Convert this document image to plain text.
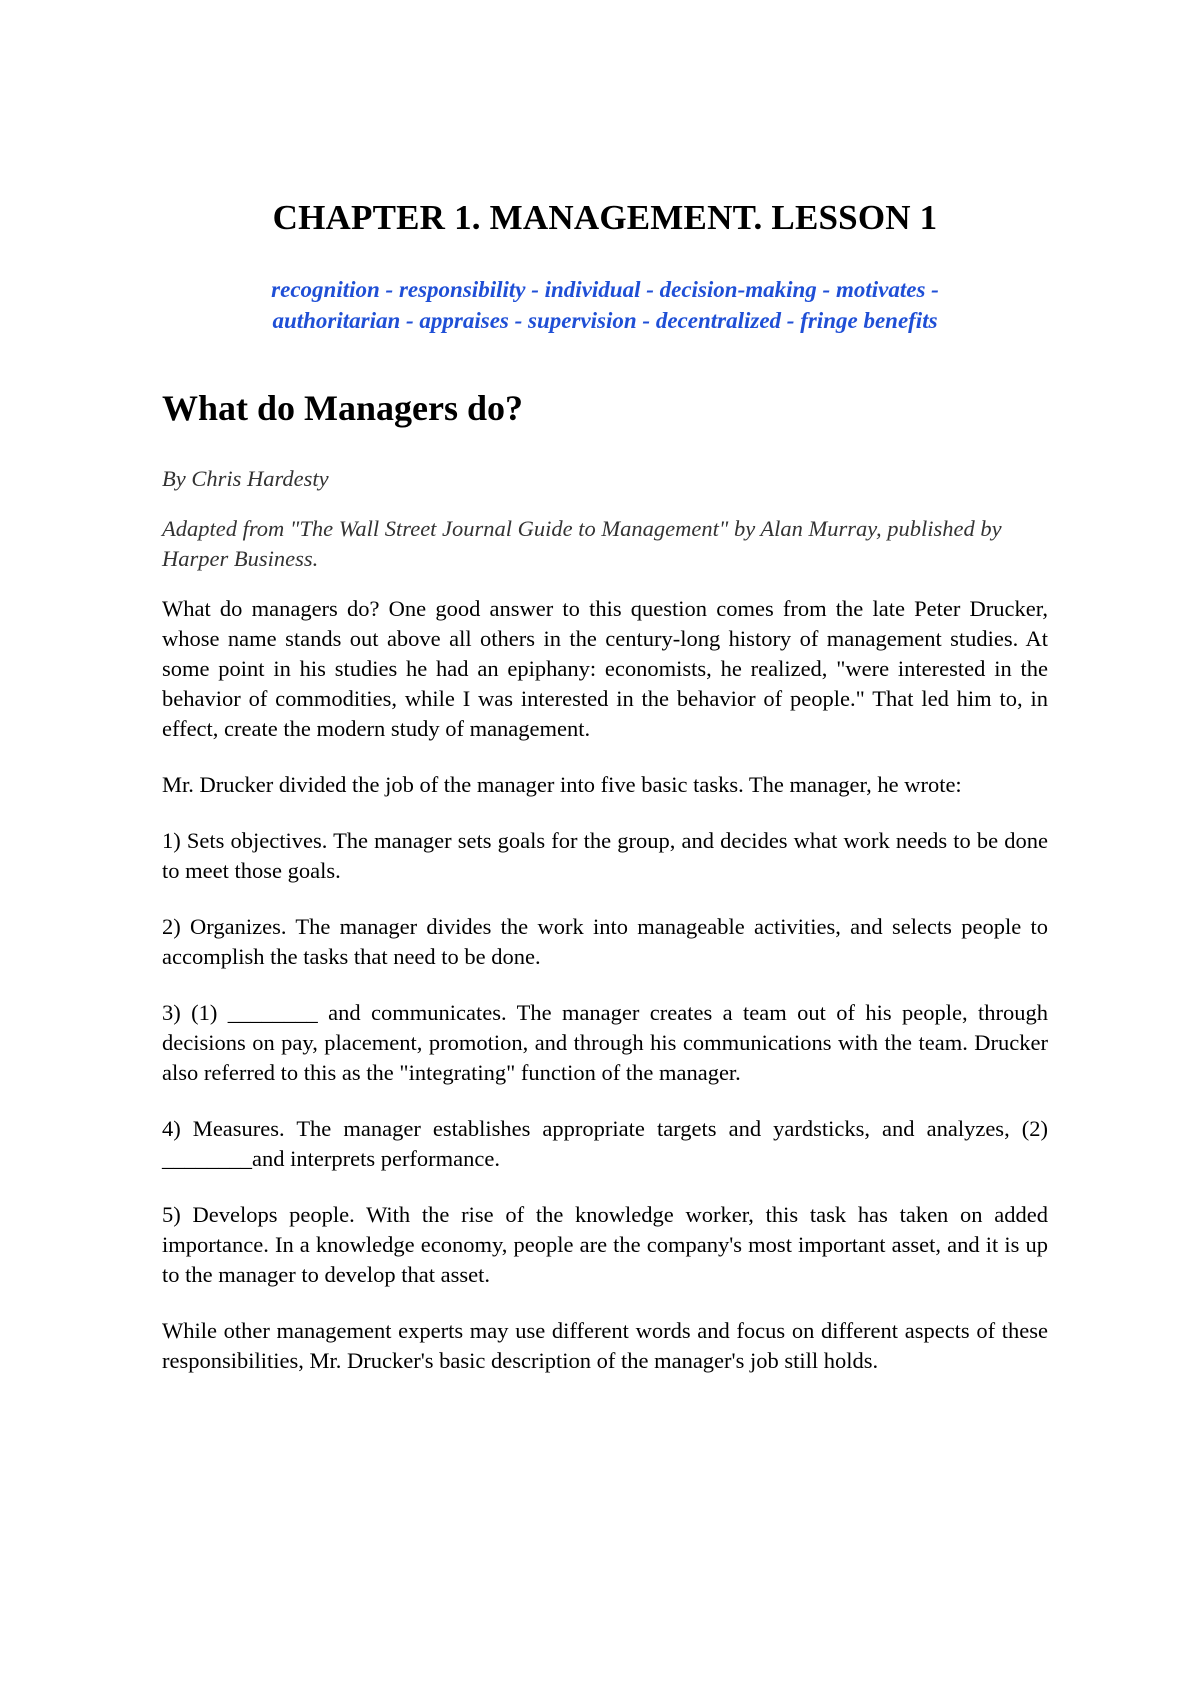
CHAPTER 1. MANAGEMENT. LESSON 1
recognition - responsibility - individual - decision-making - motivates -
authoritarian - appraises - supervision - decentralized - fringe benefits
What do Managers do?

By Chris Hardesty

Adapted from "The Wall Street Journal Guide to Management" by Alan Murray, published by Harper Business.

What do managers do? One good answer to this question comes from the late Peter Drucker, whose name stands out above all others in the century-long history of management studies. At some point in his studies he had an epiphany: economists, he realized, "were interested in the behavior of commodities, while I was interested in the behavior of people." That led him to, in effect, create the modern study of management.

Mr. Drucker divided the job of the manager into five basic tasks. The manager, he wrote:

1) Sets objectives. The manager sets goals for the group, and decides what work needs to be done to meet those goals.

2) Organizes. The manager divides the work into manageable activities, and selects people to accomplish the tasks that need to be done.

3) (1) ________ and communicates. The manager creates a team out of his people, through decisions on pay, placement, promotion, and through his communications with the team. Drucker also referred to this as the "integrating" function of the manager.

4) Measures. The manager establishes appropriate targets and yardsticks, and analyzes, (2) ________and interprets performance.

5) Develops people. With the rise of the knowledge worker, this task has taken on added importance. In a knowledge economy, people are the company's most important asset, and it is up to the manager to develop that asset.

While other management experts may use different words and focus on different aspects of these responsibilities, Mr. Drucker's basic description of the manager's job still holds.
